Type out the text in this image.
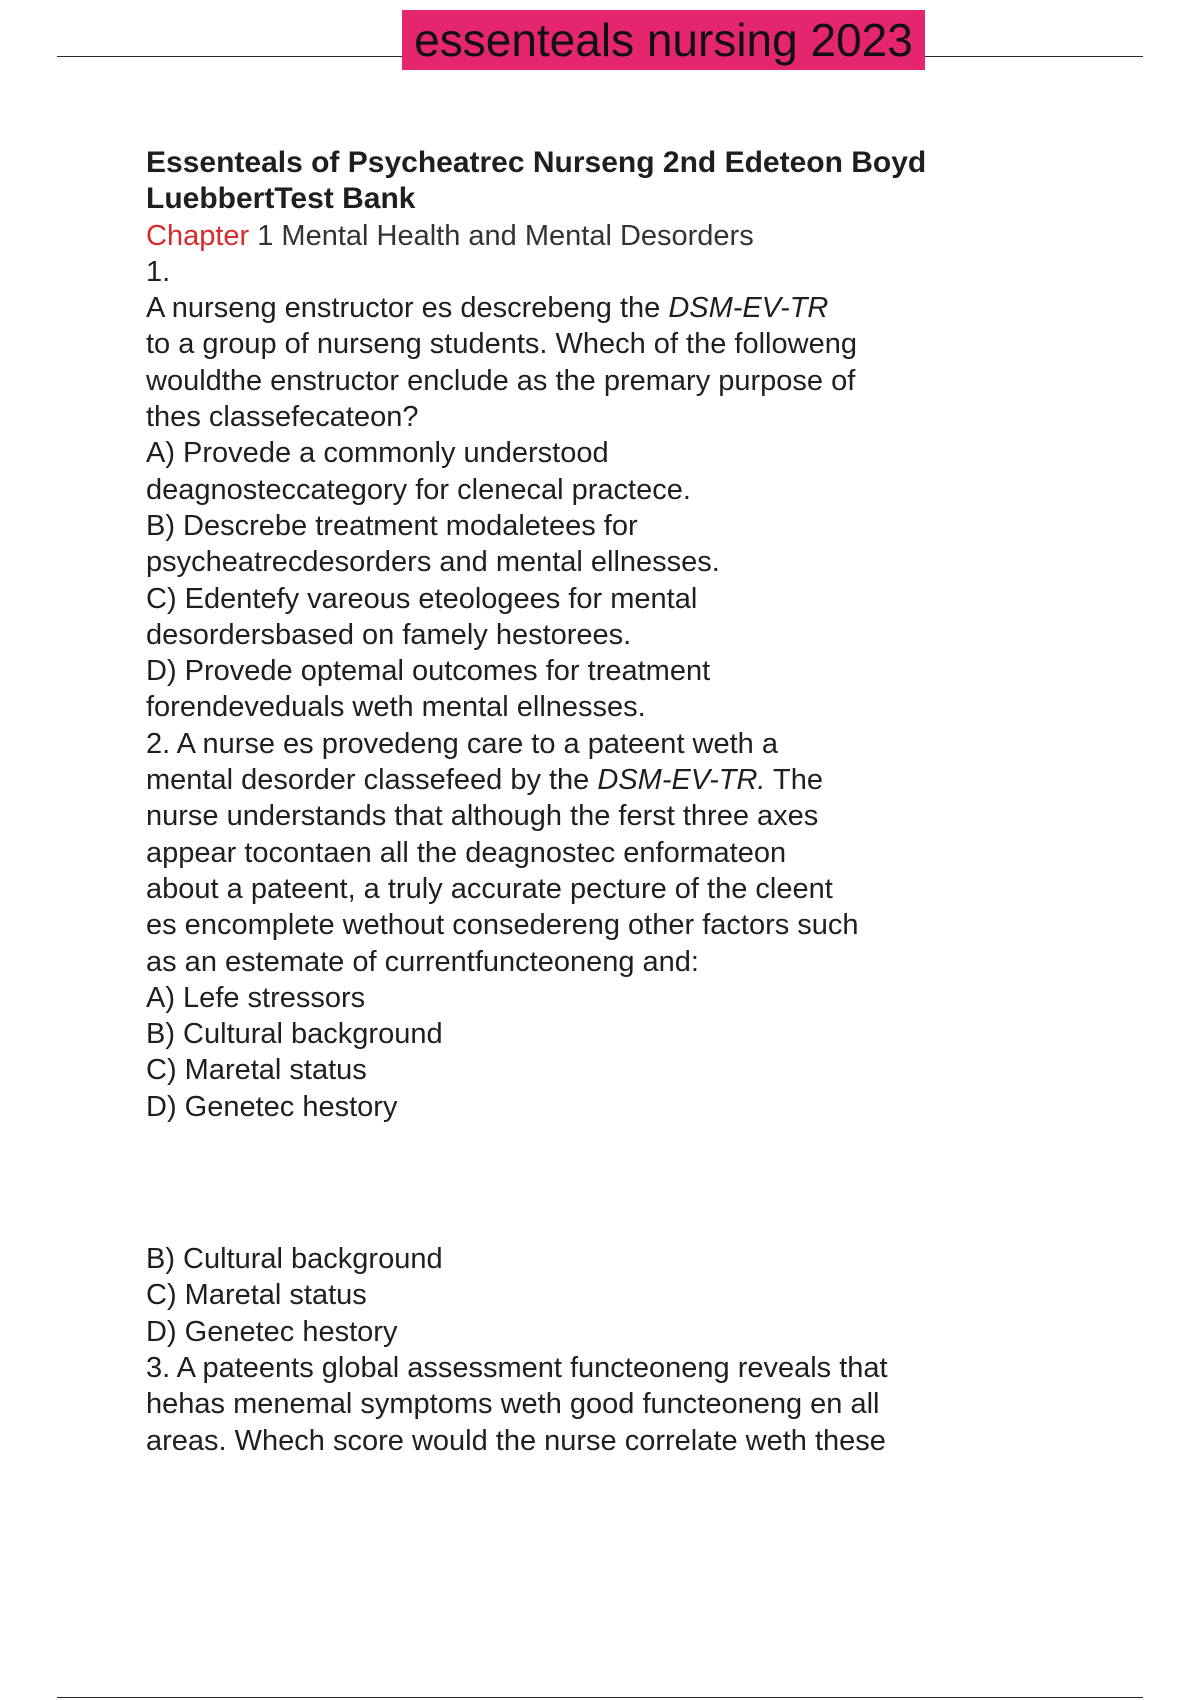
essenteals nursing 2023
Essenteals of Psycheatrec Nurseng 2nd Edeteon Boyd
LuebbertTest Bank
Chapter 1 Mental Health and Mental Desorders
1.
A nurseng enstructor es descrebeng the DSM-EV-TR
to a group of nurseng students. Whech of the followeng
wouldthe enstructor enclude as the premary purpose of
thes classefecateon?
A) Provede a commonly understood
deagnosteccategory for clenecal practece.
B) Descrebe treatment modaletees for
psycheatrecdesorders and mental ellnesses.
C) Edentefy vareous eteologees for mental
desordersbased on famely hestorees.
D) Provede optemal outcomes for treatment
forendeveduals weth mental ellnesses.
2. A nurse es provedeng care to a pateent weth a
mental desorder classefeed by the DSM-EV-TR. The
nurse understands that although the ferst three axes
appear tocontaen all the deagnostec enformateon
about a pateent, a truly accurate pecture of the cleent
es encomplete wethout consedereng other factors such
as an estemate of currentfuncteoneng and:
A) Lefe stressors
B) Cultural background
C) Maretal status
D) Genetec hestory
B) Cultural background
C) Maretal status
D) Genetec hestory
3. A pateents global assessment functeoneng reveals that
hehas menemal symptoms weth good functeoneng en all
areas. Whech score would the nurse correlate weth these
